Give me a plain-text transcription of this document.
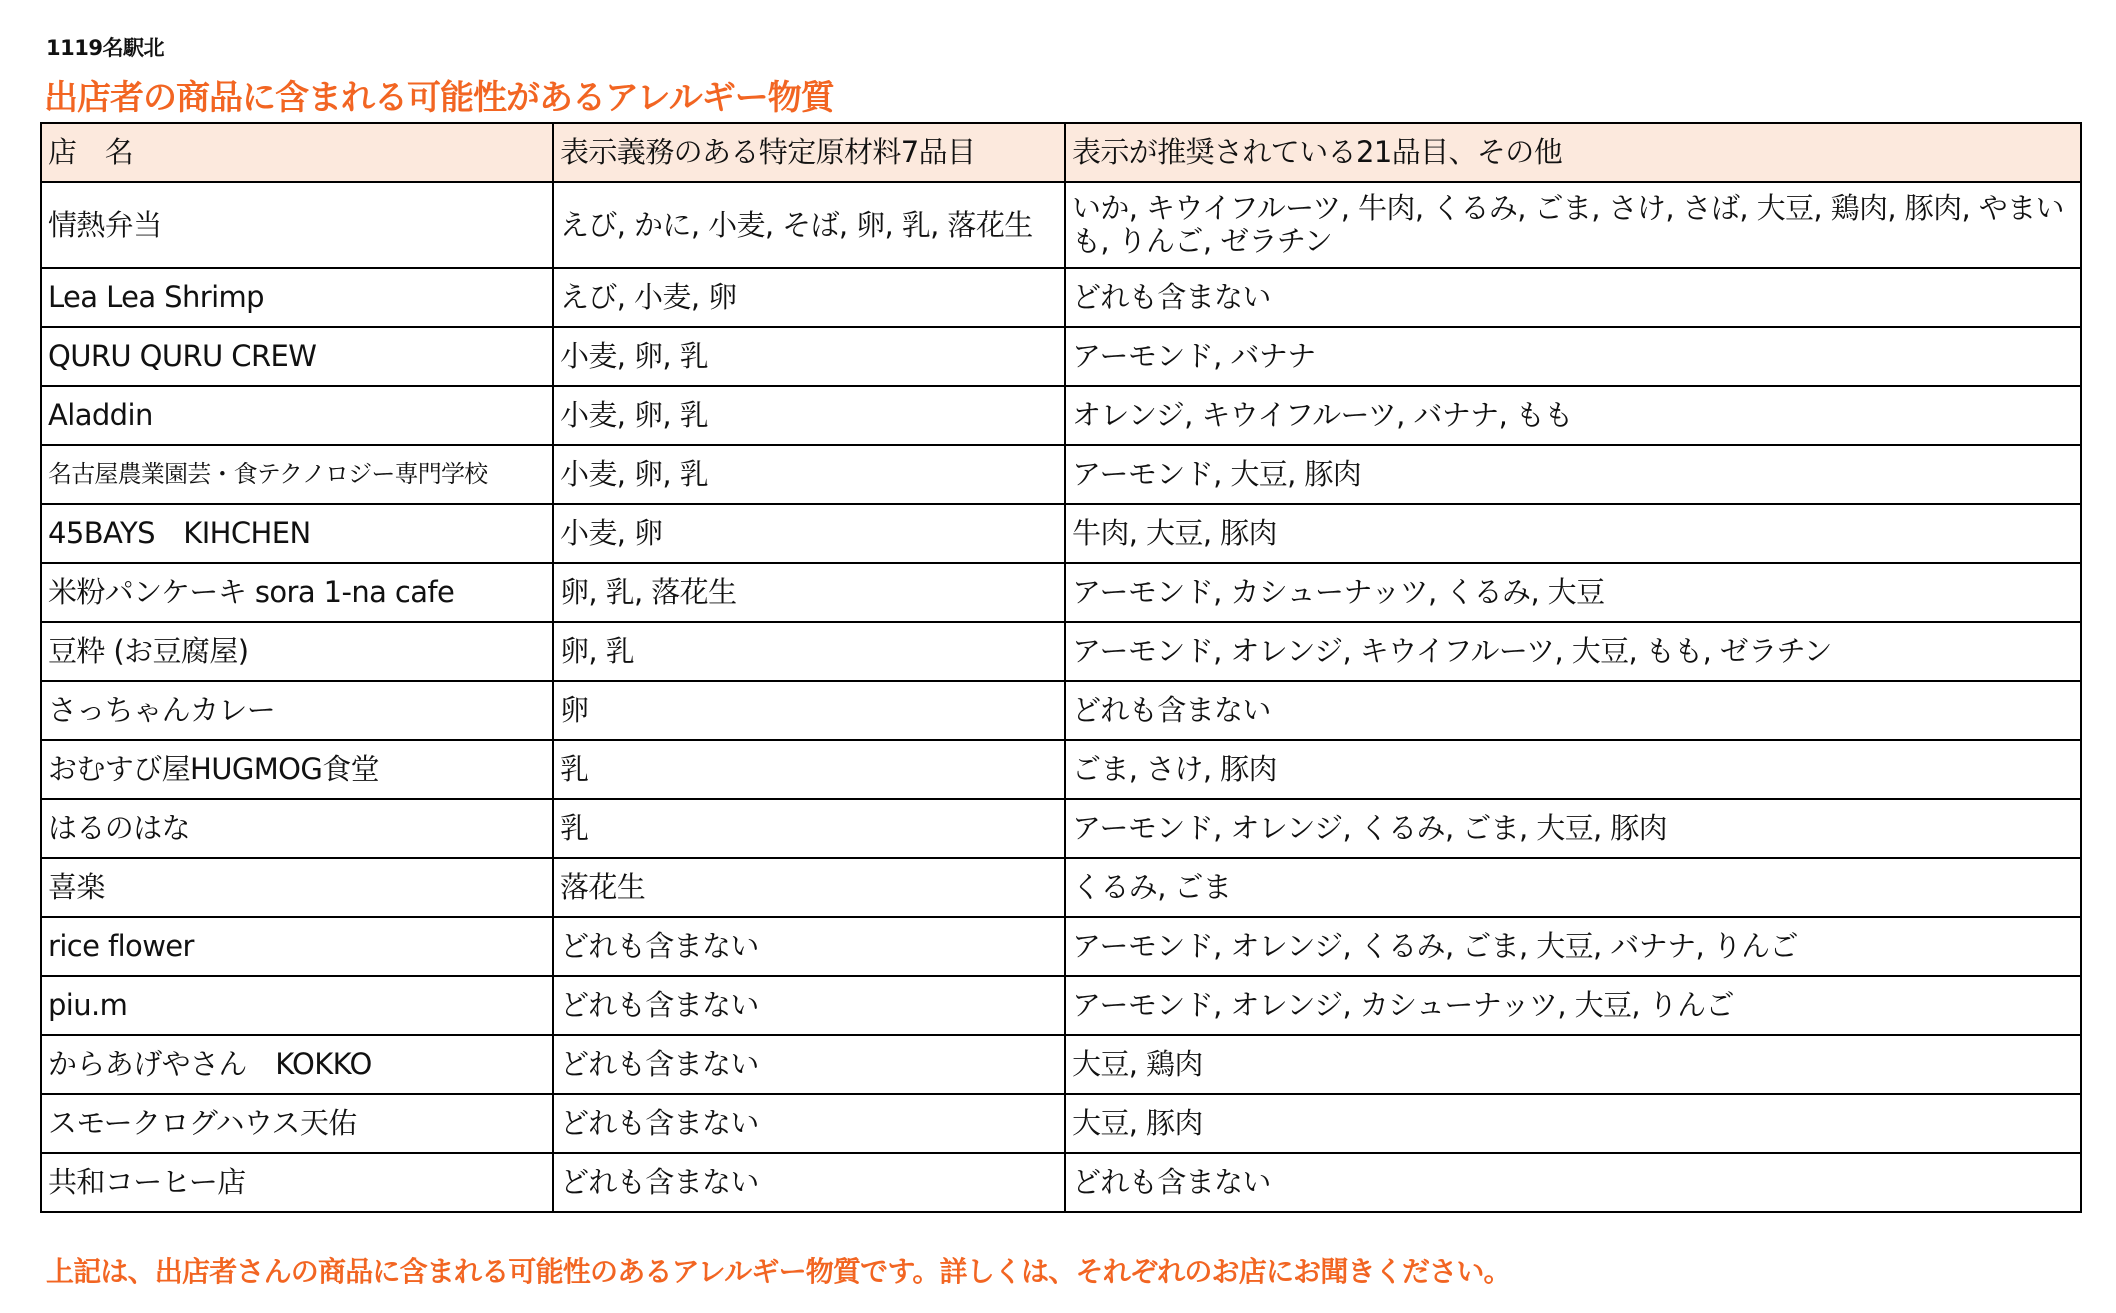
1119名駅北
出店者の商品に含まれる可能性があるアレルギー物質
店　名	表示義務のある特定原材料7品目	表示が推奨されている21品目、その他
情熱弁当	えび, かに, 小麦, そば, 卵, 乳, 落花生	いか, キウイフルーツ, 牛肉, くるみ, ごま, さけ, さば, 大豆, 鶏肉, 豚肉, やまいも, りんご, ゼラチン
Lea Lea Shrimp	えび, 小麦, 卵	どれも含まない
QURU QURU CREW	小麦, 卵, 乳	アーモンド, バナナ
Aladdin	小麦, 卵, 乳	オレンジ, キウイフルーツ, バナナ, もも
名古屋農業園芸・食テクノロジー専門学校	小麦, 卵, 乳	アーモンド, 大豆, 豚肉
45BAYS　KIHCHEN	小麦, 卵	牛肉, 大豆, 豚肉
米粉パンケーキ sora 1-na cafe	卵, 乳, 落花生	アーモンド, カシューナッツ, くるみ, 大豆
豆粋 (お豆腐屋)	卵, 乳	アーモンド, オレンジ, キウイフルーツ, 大豆, もも, ゼラチン
さっちゃんカレー	卵	どれも含まない
おむすび屋HUGMOG食堂	乳	ごま, さけ, 豚肉
はるのはな	乳	アーモンド, オレンジ, くるみ, ごま, 大豆, 豚肉
喜楽	落花生	くるみ, ごま
rice flower	どれも含まない	アーモンド, オレンジ, くるみ, ごま, 大豆, バナナ, りんご
piu.m	どれも含まない	アーモンド, オレンジ, カシューナッツ, 大豆, りんご
からあげやさん　KOKKO	どれも含まない	大豆, 鶏肉
スモークログハウス天佑	どれも含まない	大豆, 豚肉
共和コーヒー店	どれも含まない	どれも含まない
上記は、出店者さんの商品に含まれる可能性のあるアレルギー物質です。詳しくは、それぞれのお店にお聞きください。
